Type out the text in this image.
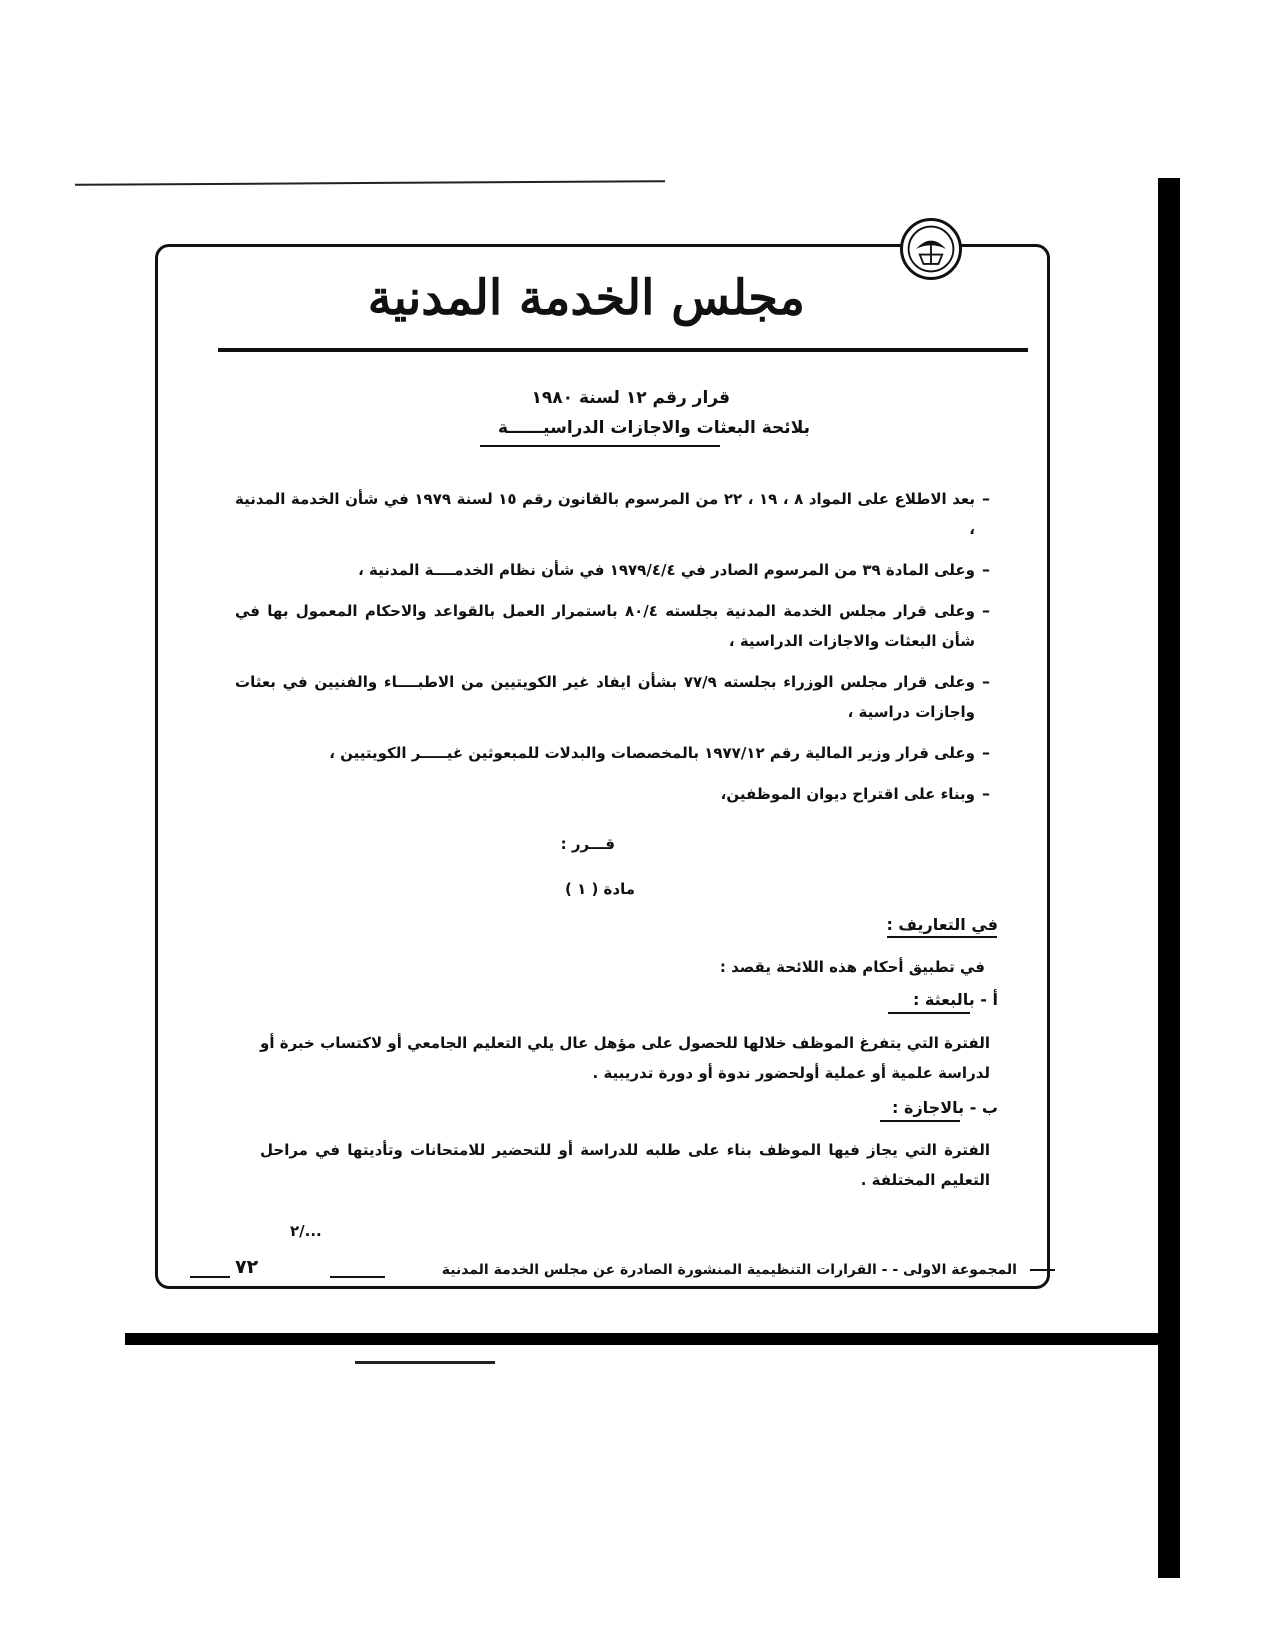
مجلس الخدمة المدنية
قرار رقم ١٢ لسنة ١٩٨٠
بلائحة البعثات والاجازات الدراسيــــــة
–
بعد الاطلاع على المواد ٨ ، ١٩ ، ٢٢ من المرسوم بالقانون رقم ١٥ لسنة ١٩٧٩ في شأن الخدمة المدنية ،
–
وعلى المادة ٣٩ من المرسوم الصادر في ١٩٧٩/٤/٤ في شأن نظام الخدمــــة المدنية ،
–
وعلى قرار مجلس الخدمة المدنية بجلسته ٨٠/٤ باستمرار العمل بالقواعد والاحكام المعمول بها في شأن البعثات والاجازات الدراسية ،
–
وعلى قرار مجلس الوزراء بجلسته ٧٧/٩ بشأن ايفاد غير الكويتيين من الاطبــــاء والفنيين في بعثات واجازات دراسية ،
–
وعلى قرار وزير المالية رقم ١٩٧٧/١٢ بالمخصصات والبدلات للمبعوثين غيـــــر الكويتيين ،
–
وبناء على اقتراح ديوان الموظفين،
قـــرر :
مادة ( ١ )
في التعاريف :
في تطبيق أحكام هذه اللائحة يقصد :
أ - بالبعثة :
الفترة التي يتفرغ الموظف خلالها للحصول على مؤهل عال يلي التعليم الجامعي أو لاكتساب خبرة أو لدراسة علمية أو عملية أولحضور ندوة أو دورة تدريبية .
ب - بالاجازة :
الفترة التي يجاز فيها الموظف بناء على طلبه للدراسة أو للتحضير للامتحانات وتأديتها في مراحل التعليم المختلفة .
٢/...
المجموعة الاولى - - القرارات التنظيمية المنشورة الصادرة عن مجلس الخدمة المدنية
٧٢
